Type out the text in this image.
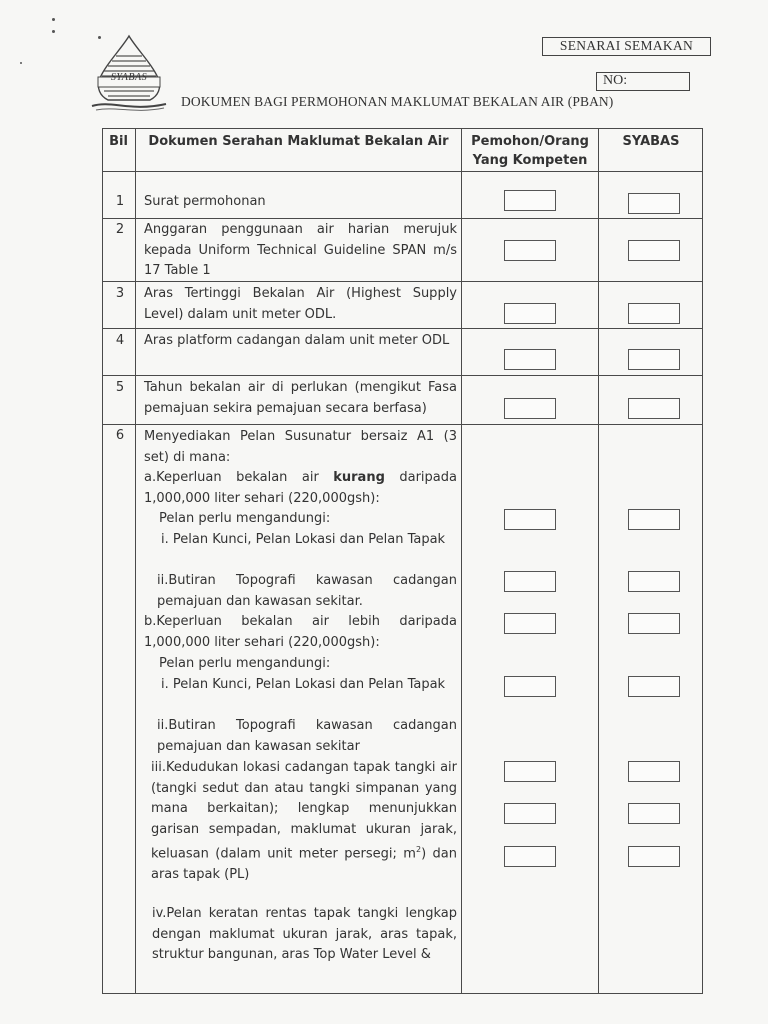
SYABAS
SENARAI SEMAKAN
NO:
DOKUMEN BAGI PERMOHONAN MAKLUMAT BEKALAN AIR (PBAN)
Bil	Dokumen Serahan Maklumat Bekalan Air	Pemohon/Orang
Yang Kompeten
SYABAS
1	Surat permohonan
2	Anggaran penggunaan air harian merujuk kepada Uniform Technical Guideline SPAN m/s 17 Table 1
3	Aras Tertinggi Bekalan Air (Highest Supply Level) dalam unit meter ODL.
4	Aras platform cadangan dalam unit meter ODL
5	Tahun bekalan air di perlukan (mengikut Fasa pemajuan sekira pemajuan secara berfasa)
6	Menyediakan Pelan Susunatur bersaiz A1 (3 set) di mana:
a.Keperluan bekalan air kurang daripada 1,000,000 liter sehari (220,000gsh):
Pelan perlu mengandungi:
i. Pelan Kunci, Pelan Lokasi dan Pelan Tapak
ii.Butiran Topografi kawasan cadangan pemajuan dan kawasan sekitar.
b.Keperluan bekalan air lebih daripada 1,000,000 liter sehari (220,000gsh):
Pelan perlu mengandungi:
i. Pelan Kunci, Pelan Lokasi dan Pelan Tapak
ii.Butiran Topografi kawasan cadangan pemajuan dan kawasan sekitar
iii.Kedudukan lokasi cadangan tapak tangki air (tangki sedut dan atau tangki simpanan yang mana berkaitan); lengkap menunjukkan garisan sempadan, maklumat ukuran jarak, keluasan (dalam unit meter persegi; $m^2$) dan aras tapak (PL)
iv.Pelan keratan rentas tapak tangki lengkap dengan maklumat ukuran jarak, aras tapak, struktur bangunan, aras Top Water Level &
